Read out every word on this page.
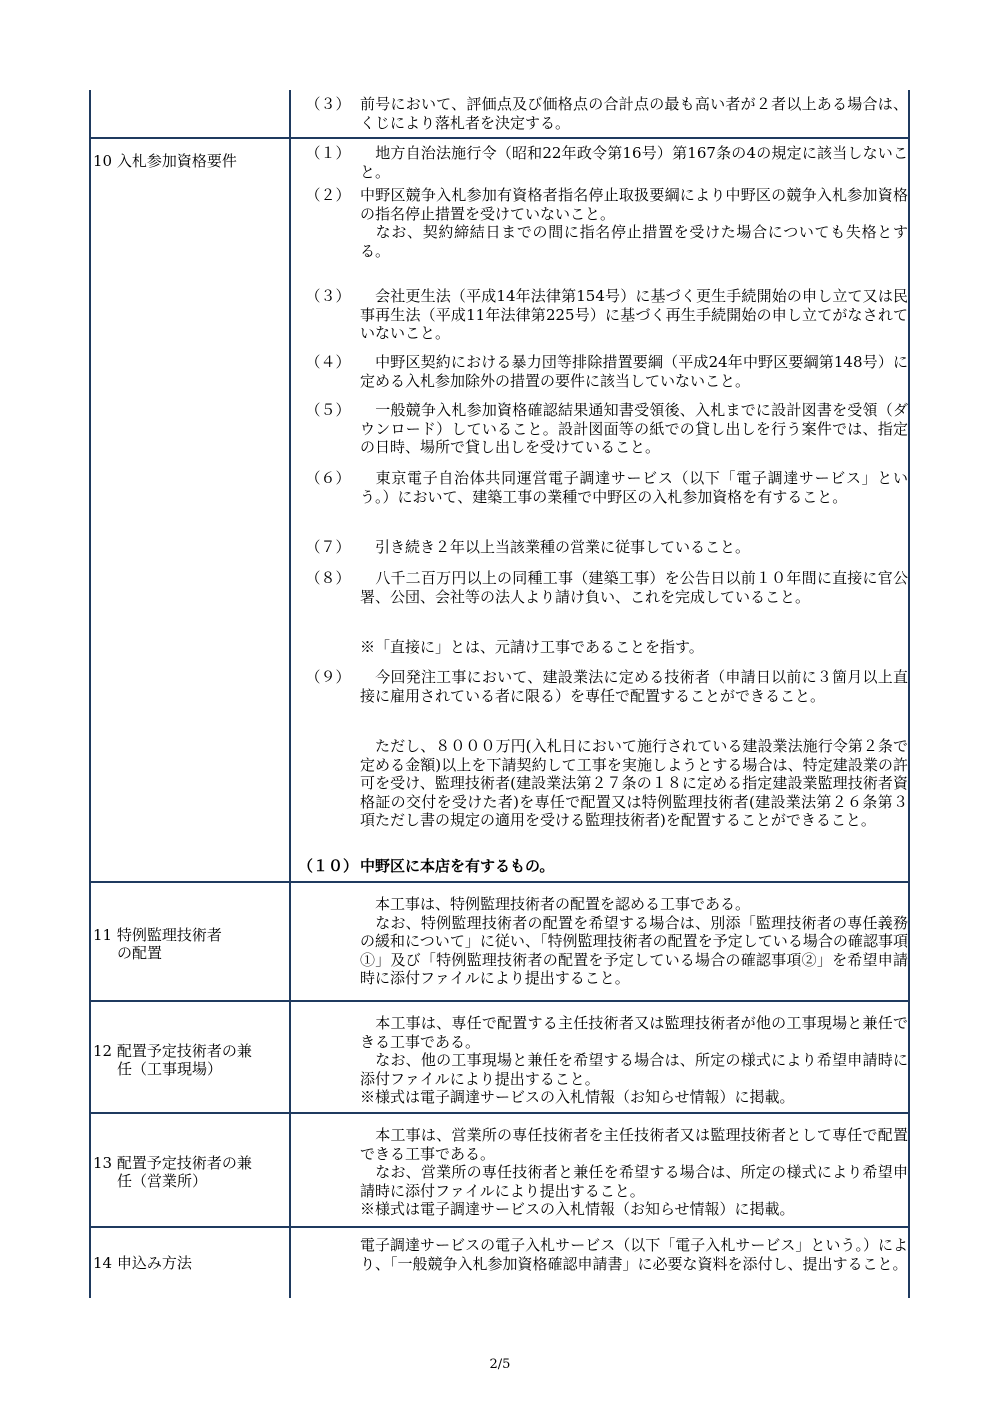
（３） 前号において、評価点及び価格点の合計点の最も高い者が２者以上ある場合は、くじにより落札者を決定する。
10 入札参加資格要件	（１） 　地方自治法施行令（昭和22年政令第16号）第167条の4の規定に該当しないこと。
（２） 中野区競争入札参加有資格者指名停止取扱要綱により中野区の競争入札参加資格の指名停止措置を受けていないこと。
　なお、契約締結日までの間に指名停止措置を受けた場合についても失格とする。
（３） 　会社更生法（平成14年法律第154号）に基づく更生手続開始の申し立て又は民事再生法（平成11年法律第225号）に基づく再生手続開始の申し立てがなされていないこと。
（４） 　中野区契約における暴力団等排除措置要綱（平成24年中野区要綱第148号）に定める入札参加除外の措置の要件に該当していないこと。
（５） 　一般競争入札参加資格確認結果通知書受領後、入札までに設計図書を受領（ダウンロード）していること。設計図面等の紙での貸し出しを行う案件では、指定の日時、場所で貸し出しを受けていること。
（６） 　東京電子自治体共同運営電子調達サービス（以下「電子調達サービス」という。）において、建築工事の業種で中野区の入札参加資格を有すること。
（７） 　引き続き２年以上当該業種の営業に従事していること。
（８） 　八千二百万円以上の同種工事（建築工事）を公告日以前１０年間に直接に官公署、公団、会社等の法人より請け負い、これを完成していること。
※「直接に」とは、元請け工事であることを指す。
（９） 　今回発注工事において、建設業法に定める技術者（申請日以前に３箇月以上直接に雇用されている者に限る）を専任で配置することができること。
　ただし、８０００万円(入札日において施行されている建設業法施行令第２条で定める金額)以上を下請契約して工事を実施しようとする場合は、特定建設業の許可を受け、監理技術者(建設業法第２７条の１８に定める指定建設業監理技術者資格証の交付を受けた者)を専任で配置又は特例監理技術者(建設業法第２６条第３項ただし書の規定の適用を受ける監理技術者)を配置することができること。
（１０） 中野区に本店を有するもの。
11 特例監理技術者
の配置
　本工事は、特例監理技術者の配置を認める工事である。
　なお、特例監理技術者の配置を希望する場合は、別添「監理技術者の専任義務の緩和について」に従い、「特例監理技術者の配置を予定している場合の確認事項①」及び「特例監理技術者の配置を予定している場合の確認事項②」を希望申請時に添付ファイルにより提出すること。
12 配置予定技術者の兼
任（工事現場）
　本工事は、専任で配置する主任技術者又は監理技術者が他の工事現場と兼任できる工事である。
　なお、他の工事現場と兼任を希望する場合は、所定の様式により希望申請時に添付ファイルにより提出すること。
※様式は電子調達サービスの入札情報（お知らせ情報）に掲載。
13 配置予定技術者の兼
任（営業所）
　本工事は、営業所の専任技術者を主任技術者又は監理技術者として専任で配置できる工事である。
　なお、営業所の専任技術者と兼任を希望する場合は、所定の様式により希望申請時に添付ファイルにより提出すること。
※様式は電子調達サービスの入札情報（お知らせ情報）に掲載。
14 申込み方法
電子調達サービスの電子入札サービス（以下「電子入札サービス」という。）により、「一般競争入札参加資格確認申請書」に必要な資料を添付し、提出すること。
2/5
